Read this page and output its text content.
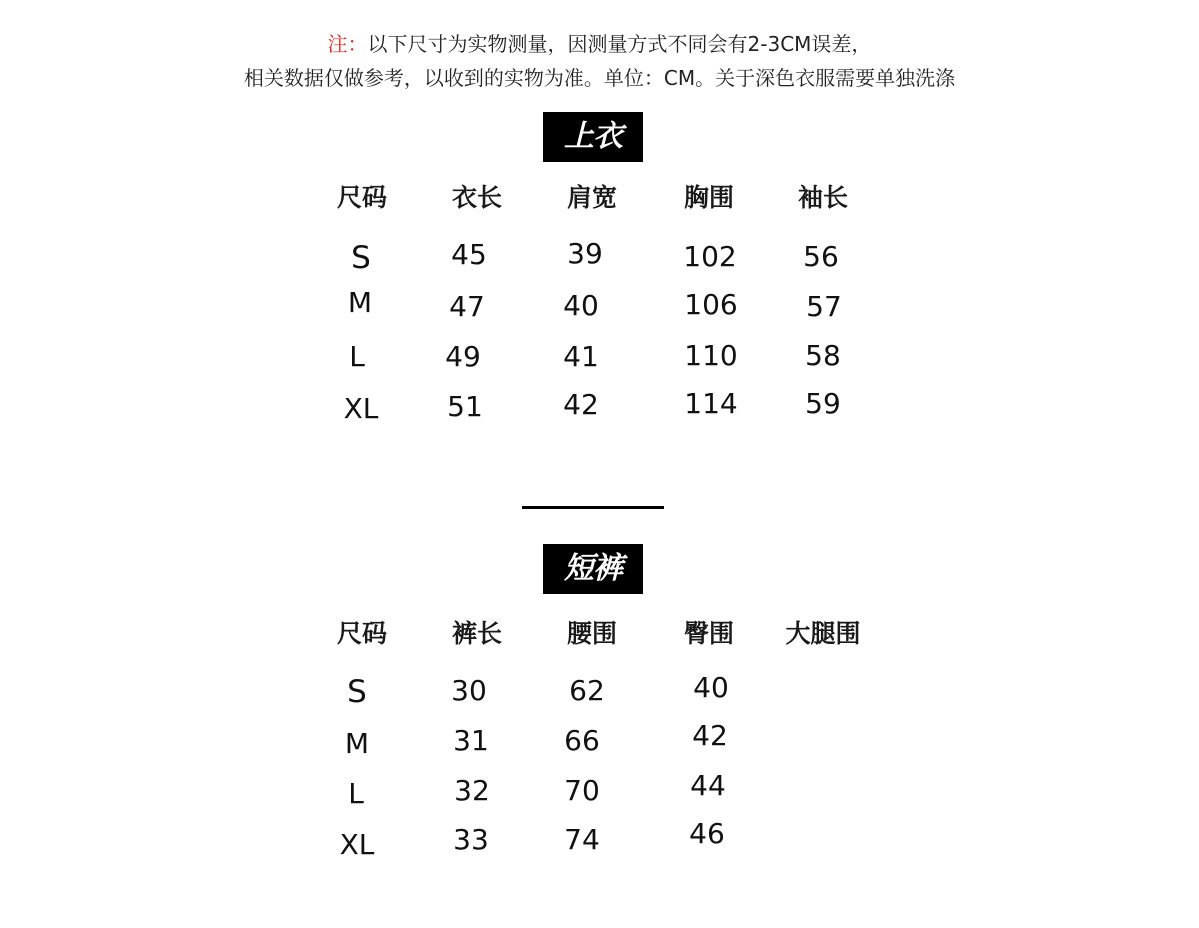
注：以下尺寸为实物测量，因测量方式不同会有2-3CM误差，
相关数据仅做参考，以收到的实物为准。单位：CM。关于深色衣服需要单独洗涤
上衣
尺码	衣长	肩宽	胸围	袖长
S	45	39	102	56
M	47	40	106	57
L	49	41	110	58
XL	51	42	114	59
短裤
尺码	裤长	腰围	臀围	大腿围
S	30	62	40
M	31	66	42
L	32	70	44
XL	33	74	46
